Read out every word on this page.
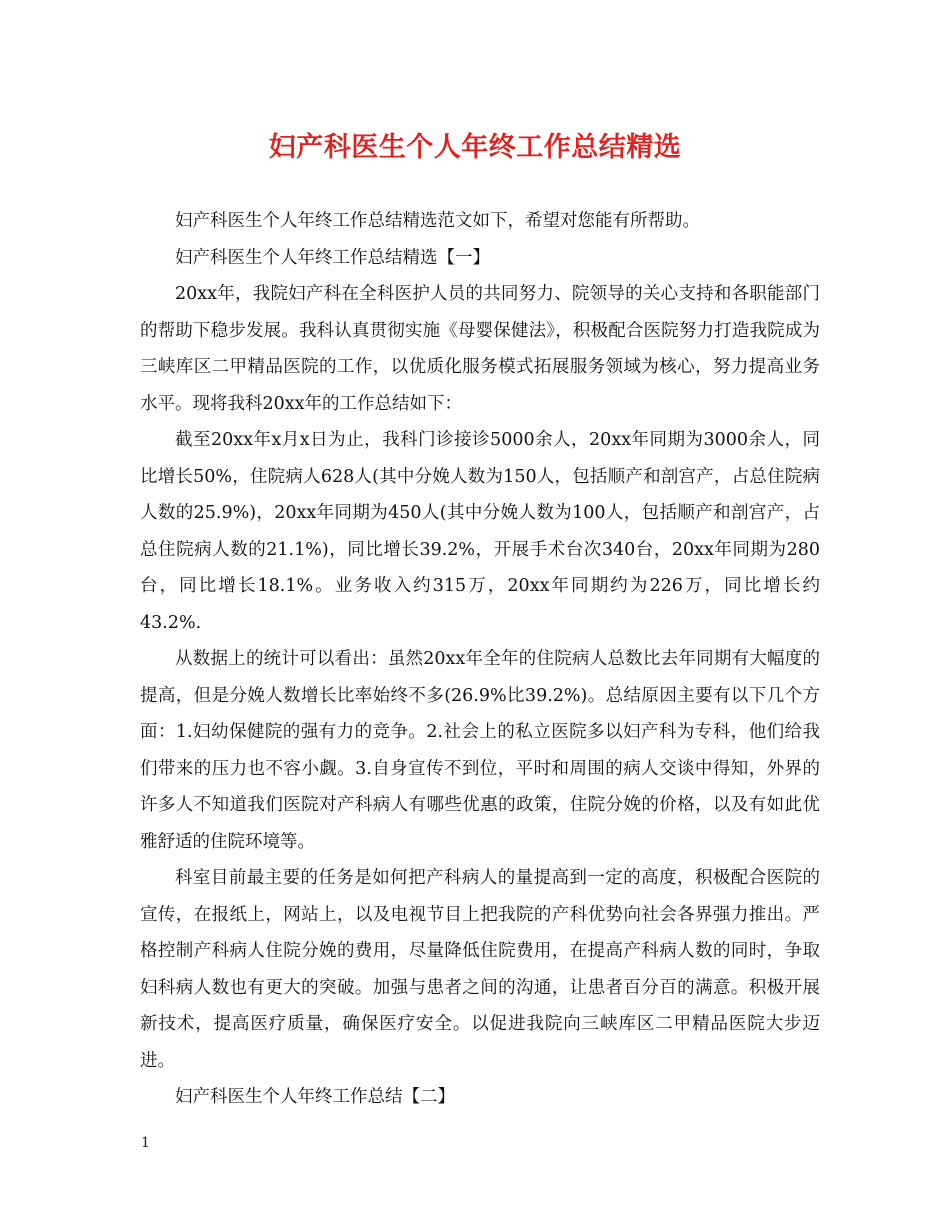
妇产科医生个人年终工作总结精选

妇产科医生个人年终工作总结精选范文如下，希望对您能有所帮助。

妇产科医生个人年终工作总结精选【一】

20xx年，我院妇产科在全科医护人员的共同努力、院领导的关心支持和各职能部门的帮助下稳步发展。我科认真贯彻实施《母婴保健法》，积极配合医院努力打造我院成为三峡库区二甲精品医院的工作，以优质化服务模式拓展服务领域为核心，努力提高业务水平。现将我科20xx年的工作总结如下：

截至20xx年x月x日为止，我科门诊接诊5000余人，20xx年同期为3000余人，同比增长50%，住院病人628人(其中分娩人数为150人，包括顺产和剖宫产，占总住院病人数的25.9%)，20xx年同期为450人(其中分娩人数为100人，包括顺产和剖宫产，占总住院病人数的21.1%)，同比增长39.2%，开展手术台次340台，20xx年同期为280台，同比增长18.1%。业务收入约315万，20xx年同期约为226万，同比增长约43.2%.

从数据上的统计可以看出：虽然20xx年全年的住院病人总数比去年同期有大幅度的提高，但是分娩人数增长比率始终不多(26.9%比39.2%)。总结原因主要有以下几个方面：1.妇幼保健院的强有力的竞争。2.社会上的私立医院多以妇产科为专科，他们给我们带来的压力也不容小觑。3.自身宣传不到位，平时和周围的病人交谈中得知，外界的许多人不知道我们医院对产科病人有哪些优惠的政策，住院分娩的价格，以及有如此优雅舒适的住院环境等。

科室目前最主要的任务是如何把产科病人的量提高到一定的高度，积极配合医院的宣传，在报纸上，网站上，以及电视节目上把我院的产科优势向社会各界强力推出。严格控制产科病人住院分娩的费用，尽量降低住院费用，在提高产科病人数的同时，争取妇科病人数也有更大的突破。加强与患者之间的沟通，让患者百分百的满意。积极开展新技术，提高医疗质量，确保医疗安全。以促进我院向三峡库区二甲精品医院大步迈进。

妇产科医生个人年终工作总结【二】

1
